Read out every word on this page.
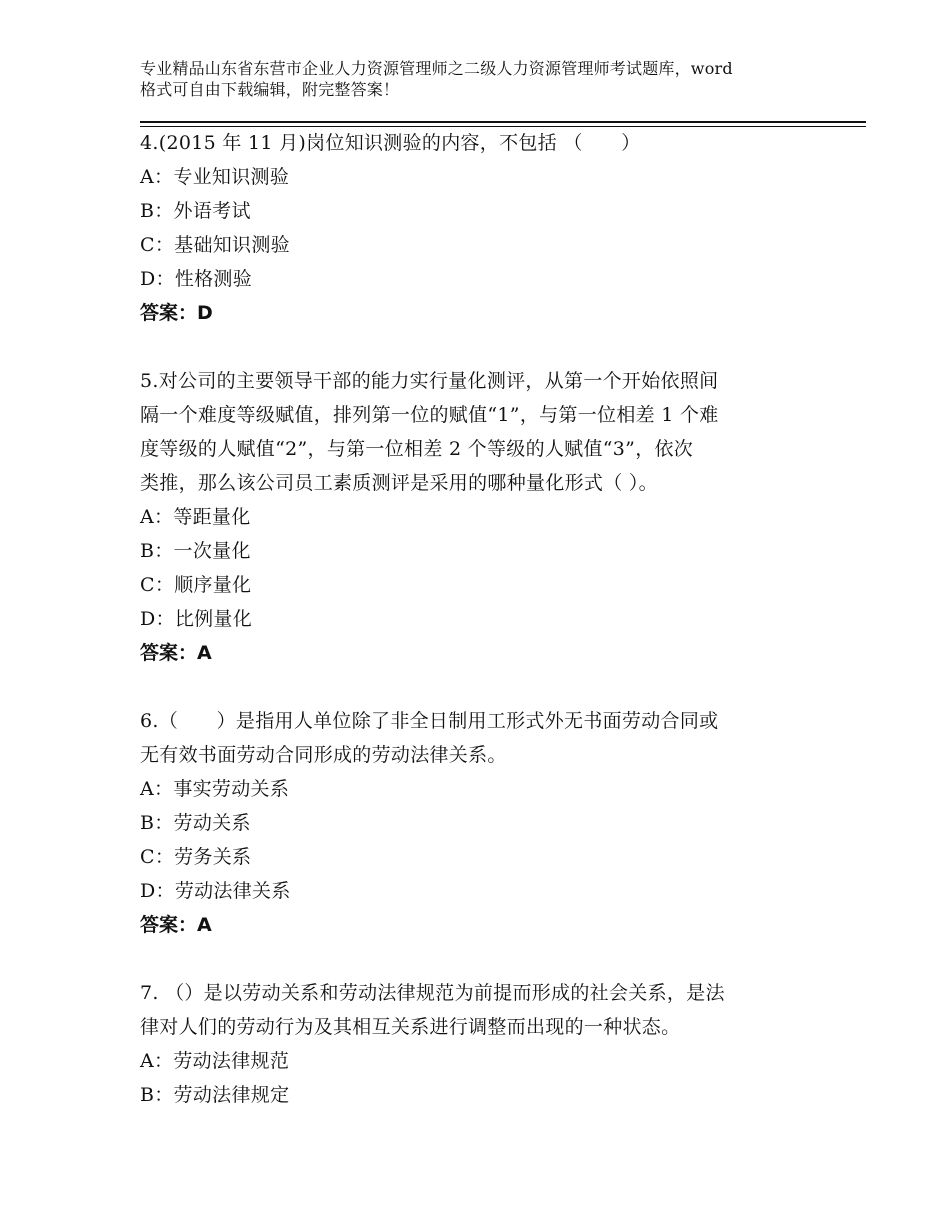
专业精品山东省东营市企业人力资源管理师之二级人力资源管理师考试题库，word
格式可自由下载编辑，附完整答案！
4.(2015 年 11 月)岗位知识测验的内容，不包括 （　　）
A：专业知识测验
B：外语考试
C：基础知识测验
D：性格测验
答案：D
5.对公司的主要领导干部的能力实行量化测评，从第一个开始依照间
隔一个难度等级赋值，排列第一位的赋值“1”，与第一位相差 1 个难
度等级的人赋值“2”，与第一位相差 2 个等级的人赋值“3”，依次
类推，那么该公司员工素质测评是采用的哪种量化形式（ ）。
A：等距量化
B：一次量化
C：顺序量化
D：比例量化
答案：A
6.（　　）是指用人单位除了非全日制用工形式外无书面劳动合同或
无有效书面劳动合同形成的劳动法律关系。
A：事实劳动关系
B：劳动关系
C：劳务关系
D：劳动法律关系
答案：A
7. （）是以劳动关系和劳动法律规范为前提而形成的社会关系，是法
律对人们的劳动行为及其相互关系进行调整而出现的一种状态。
A：劳动法律规范
B：劳动法律规定
